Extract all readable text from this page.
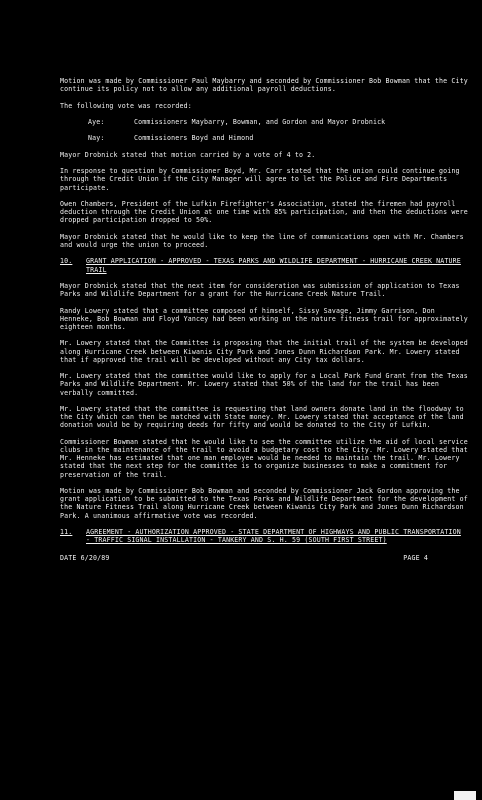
Motion was made by Commissioner Paul Maybarry and seconded by Commissioner Bob Bowman that the City continue its policy not to allow any additional payroll deductions.

The following vote was recorded:

Aye:	Commissioners Maybarry, Bowman, and Gordon and Mayor Drobnick
Nay:	Commissioners Boyd and Himond

Mayor Drobnick stated that motion carried by a vote of 4 to 2.

In response to question by Commissioner Boyd, Mr. Carr stated that the union could continue going through the Credit Union if the City Manager will agree to let the Police and Fire Departments participate.

Owen Chambers, President of the Lufkin Firefighter's Association, stated the firemen had payroll deduction through the Credit Union at one time with 85% participation, and then the deductions were dropped participation dropped to 50%.

Mayor Drobnick stated that he would like to keep the line of communications open with Mr. Chambers and would urge the union to proceed.

10.	GRANT APPLICATION - APPROVED - TEXAS PARKS AND WILDLIFE DEPARTMENT - HURRICANE CREEK NATURE TRAIL

Mayor Drobnick stated that the next item for consideration was submission of application to Texas Parks and Wildlife Department for a grant for the Hurricane Creek Nature Trail.

Randy Lowery stated that a committee composed of himself, Sissy Savage, Jimmy Garrison, Don Henneke, Bob Bowman and Floyd Yancey had been working on the nature fitness trail for approximately eighteen months.

Mr. Lowery stated that the Committee is proposing that the initial trail of the system be developed along Hurricane Creek between Kiwanis City Park and Jones Dunn Richardson Park. Mr. Lowery stated that if approved the trail will be developed without any City tax dollars.

Mr. Lowery stated that the committee would like to apply for a Local Park Fund Grant from the Texas Parks and Wildlife Department. Mr. Lowery stated that 50% of the land for the trail has been verbally committed.

Mr. Lowery stated that the committee is requesting that land owners donate land in the floodway to the City which can then be matched with State money. Mr. Lowery stated that acceptance of the land donation would be by requiring deeds for fifty and would be donated to the City of Lufkin.

Commissioner Bowman stated that he would like to see the committee utilize the aid of local service clubs in the maintenance of the trail to avoid a budgetary cost to the City. Mr. Lowery stated that Mr. Henneke has estimated that one man employee would be needed to maintain the trail. Mr. Lowery stated that the next step for the committee is to organize businesses to make a commitment for preservation of the trail.

Motion was made by Commissioner Bob Bowman and seconded by Commissioner Jack Gordon approving the grant application to be submitted to the Texas Parks and Wildlife Department for the development of the Nature Fitness Trail along Hurricane Creek between Kiwanis City Park and Jones Dunn Richardson Park. A unanimous affirmative vote was recorded.

11.	AGREEMENT - AUTHORIZATION APPROVED - STATE DEPARTMENT OF HIGHWAYS AND PUBLIC TRANSPORTATION - TRAFFIC SIGNAL INSTALLATION - TANKERY AND S. H. 59 (SOUTH FIRST STREET)
DATE 6/20/89	PAGE 4
